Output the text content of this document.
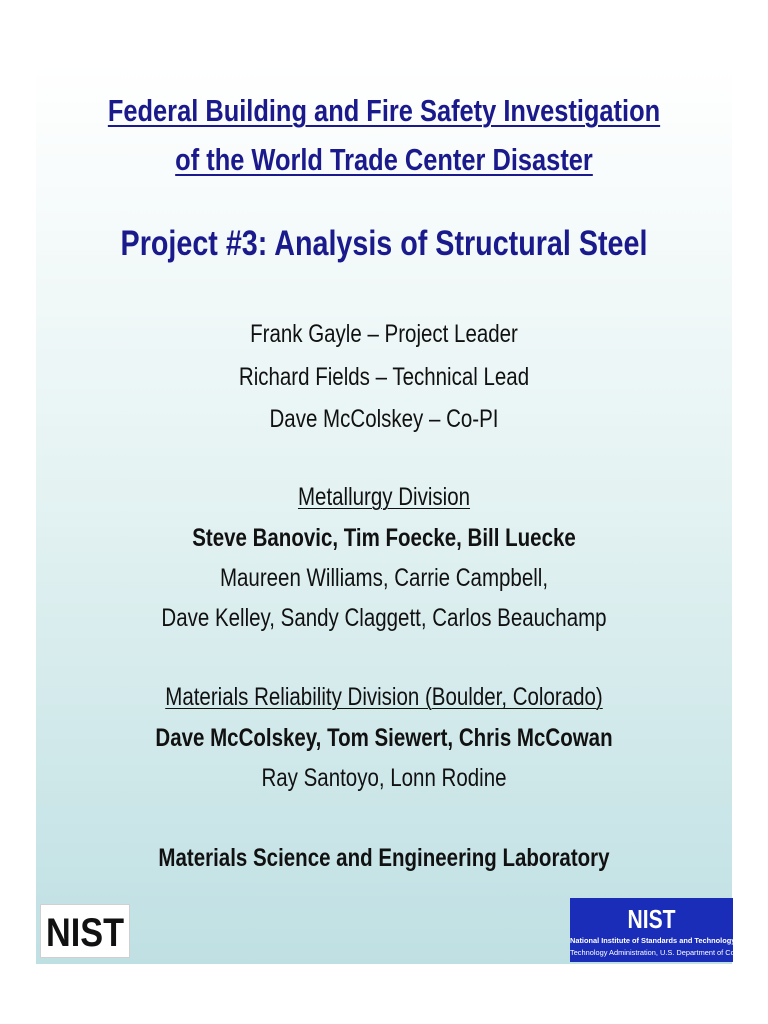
Federal Building and Fire Safety Investigation
of the World Trade Center Disaster
Project #3: Analysis of Structural Steel
Frank Gayle – Project Leader
Richard Fields – Technical Lead
Dave McColskey – Co-PI
Metallurgy Division
Steve Banovic, Tim Foecke, Bill Luecke
Maureen Williams, Carrie Campbell,
Dave Kelley, Sandy Claggett, Carlos Beauchamp
Materials Reliability Division (Boulder, Colorado)
Dave McColskey, Tom Siewert, Chris McCowan
Ray Santoyo, Lonn Rodine
Materials Science and Engineering Laboratory
NIST	NIST
National Institute of Standards and Technology
Technology Administration, U.S. Department of Commerce
